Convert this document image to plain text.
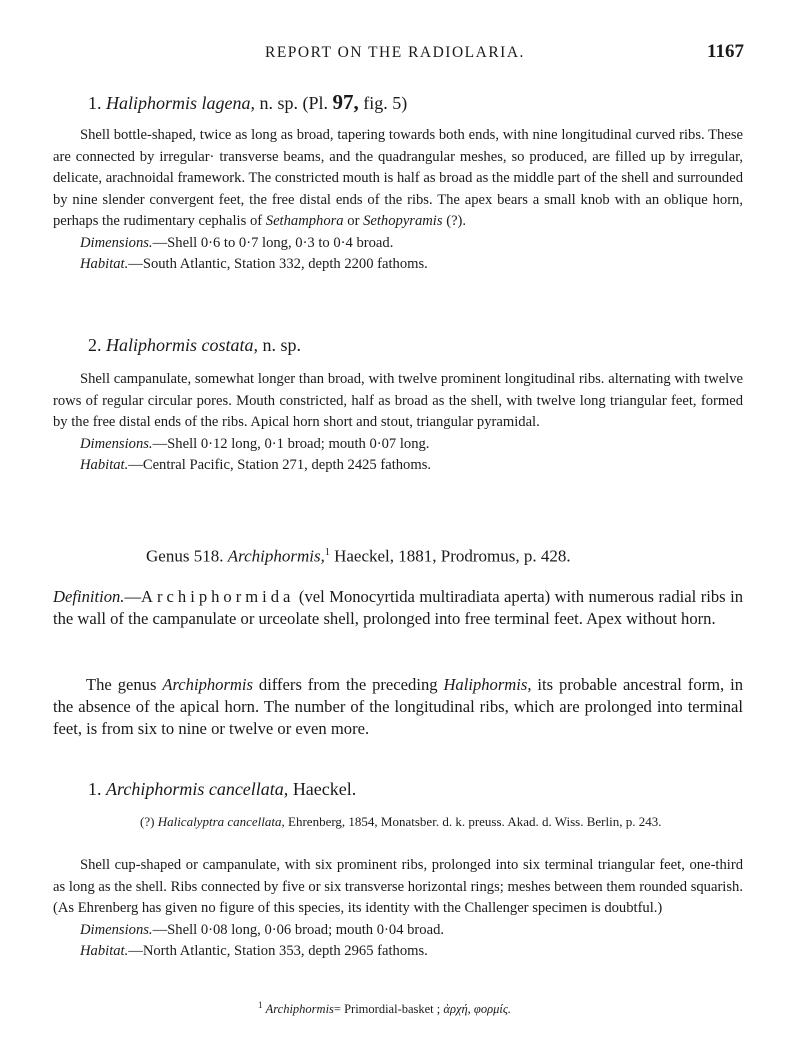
REPORT ON THE RADIOLARIA.	1167
1. Haliphormis lagena, n. sp. (Pl. 97, fig. 5)

Shell bottle-shaped, twice as long as broad, tapering towards both ends, with nine longitudinal curved ribs. These are connected by irregular· transverse beams, and the quadrangular meshes, so produced, are filled up by irregular, delicate, arachnoidal framework. The constricted mouth is half as broad as the middle part of the shell and surrounded by nine slender convergent feet, the free distal ends of the ribs. The apex bears a small knob with an oblique horn, perhaps the rudimentary cephalis of Sethamphora or Sethopyramis (?).

Dimensions.—Shell 0·6 to 0·7 long, 0·3 to 0·4 broad.

Habitat.—South Atlantic, Station 332, depth 2200 fathoms.

2. Haliphormis costata, n. sp.

Shell campanulate, somewhat longer than broad, with twelve prominent longitudinal ribs. alternating with twelve rows of regular circular pores. Mouth constricted, half as broad as the shell, with twelve long triangular feet, formed by the free distal ends of the ribs. Apical horn short and stout, triangular pyramidal.

Dimensions.—Shell 0·12 long, 0·1 broad; mouth 0·07 long.

Habitat.—Central Pacific, Station 271, depth 2425 fathoms.

Genus 518. Archiphormis,$^1$ Haeckel, 1881, Prodromus, p. 428.

Definition.—Archiphormida (vel Monocyrtida multiradiata aperta) with numerous radial ribs in the wall of the campanulate or urceolate shell, prolonged into free terminal feet. Apex without horn.

The genus Archiphormis differs from the preceding Haliphormis, its probable ancestral form, in the absence of the apical horn. The number of the longitudinal ribs, which are prolonged into terminal feet, is from six to nine or twelve or even more.

1. Archiphormis cancellata, Haeckel.

(?) Halicalyptra cancellata, Ehrenberg, 1854, Monatsber. d. k. preuss. Akad. d. Wiss. Berlin, p. 243.

Shell cup-shaped or campanulate, with six prominent ribs, prolonged into six terminal triangular feet, one-third as long as the shell. Ribs connected by five or six transverse horizontal rings; meshes between them rounded squarish. (As Ehrenberg has given no figure of this species, its identity with the Challenger specimen is doubtful.)

Dimensions.—Shell 0·08 long, 0·06 broad; mouth 0·04 broad.

Habitat.—North Atlantic, Station 353, depth 2965 fathoms.

$^1$ Archiphormis= Primordial-basket ; ἀρχή, φορμίς.
